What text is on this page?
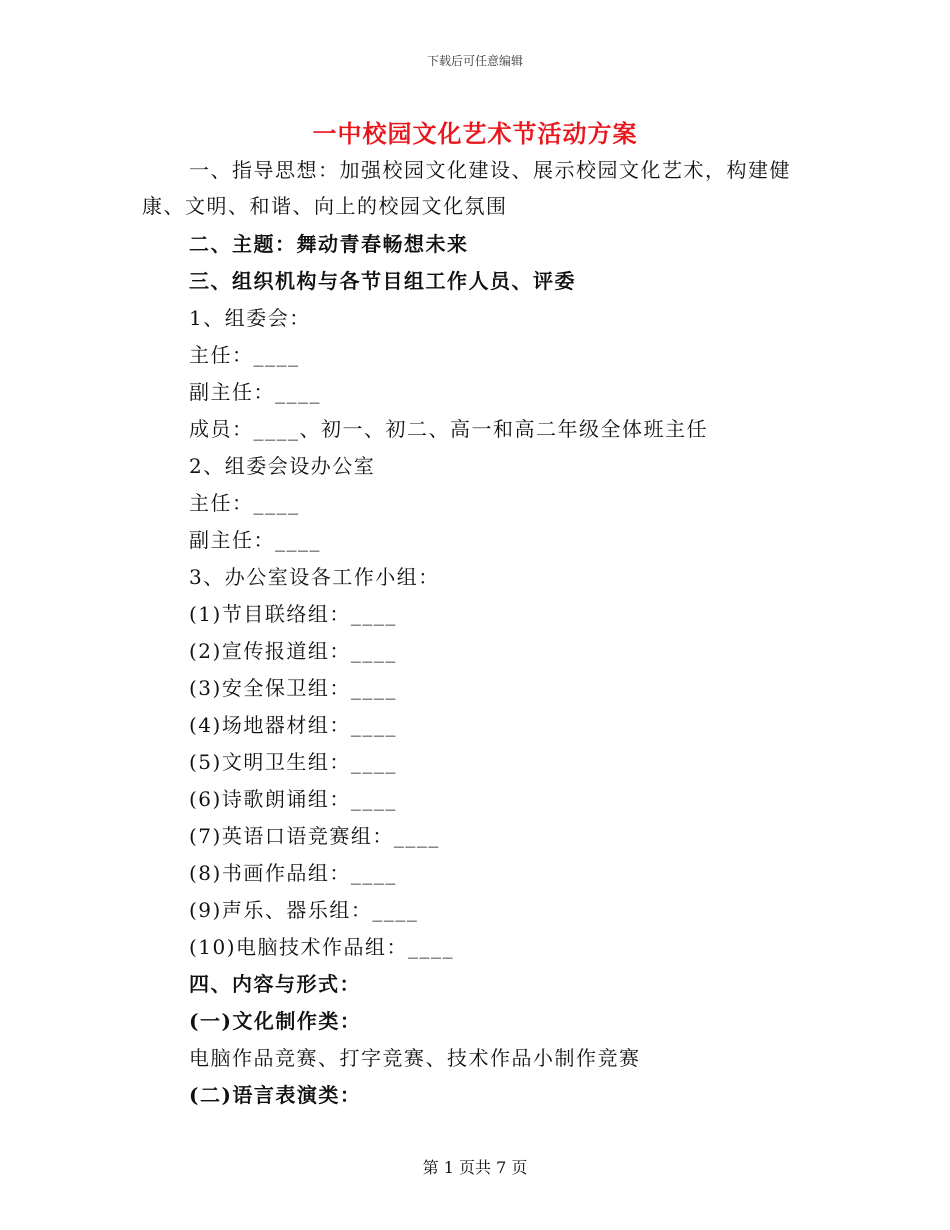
下载后可任意编辑
一中校园文化艺术节活动方案
一、指导思想：加强校园文化建设、展示校园文化艺术，构建健
康、文明、和谐、向上的校园文化氛围
二、主题：舞动青春畅想未来
三、组织机构与各节目组工作人员、评委
1、组委会：
主任：____
副主任：____
成员：____、初一、初二、高一和高二年级全体班主任
2、组委会设办公室
主任：____
副主任：____
3、办公室设各工作小组：
(1)节目联络组：____
(2)宣传报道组：____
(3)安全保卫组：____
(4)场地器材组：____
(5)文明卫生组：____
(6)诗歌朗诵组：____
(7)英语口语竞赛组：____
(8)书画作品组：____
(9)声乐、器乐组：____
(10)电脑技术作品组：____
四、内容与形式：
(一)文化制作类：
电脑作品竞赛、打字竞赛、技术作品小制作竞赛
(二)语言表演类：
第 1 页共 7 页
